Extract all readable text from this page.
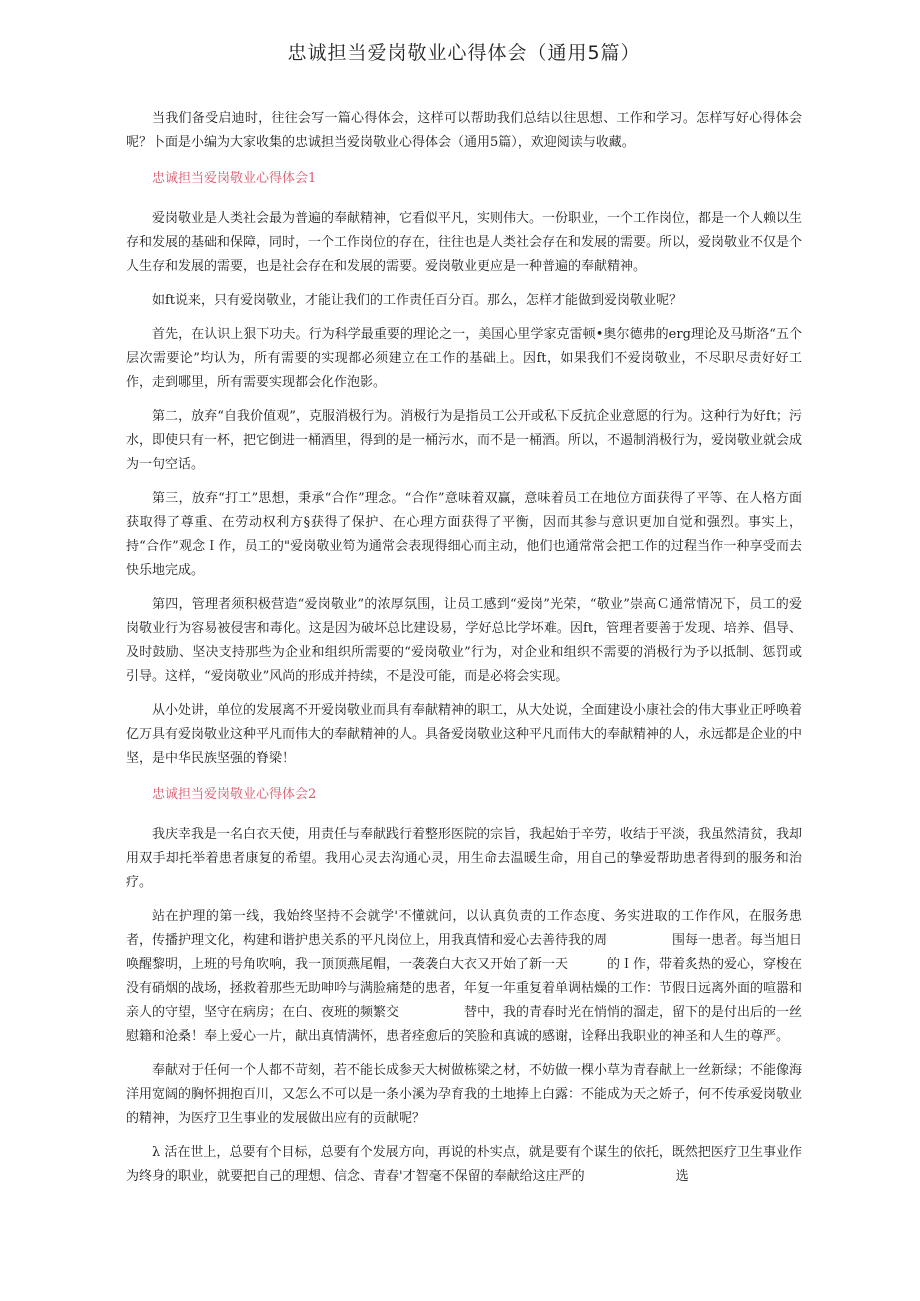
忠诚担当爱岗敬业心得体会（通用5篇）

当我们备受启迪时，往往会写一篇心得体会，这样可以帮助我们总结以往思想、工作和学习。怎样写好心得体会呢？卜面是小编为大家收集的忠诚担当爱岗敬业心得体会（通用5篇），欢迎阅读与收藏。

忠诚担当爱岗敬业心得体会1

爱岗敬业是人类社会最为普遍的奉献精神，它看似平凡，实则伟大。一份职业，一个工作岗位，都是一个人赖以生存和发展的基础和保障，同时，一个工作岗位的存在，往往也是人类社会存在和发展的需要。所以，爱岗敬业不仅是个人生存和发展的需要，也是社会存在和发展的需要。爱岗敬业更应是一种普遍的奉献精神。

如ft说来，只有爱岗敬业，才能让我们的工作责任百分百。那么，怎样才能做到爱岗敬业呢？

首先，在认识上狠下功夫。行为科学最重要的理论之一，美国心里学家克雷顿•奥尔德弗的erg理论及马斯洛“五个层次需要论”均认为，所有需要的实现都必须建立在工作的基础上。因ft，如果我们不爱岗敬业，不尽职尽责好好工作，走到哪里，所有需要实现都会化作泡影。

第二，放弃“自我价值观”，克服消极行为。消极行为是指员工公开或私下反抗企业意愿的行为。这种行为好ft；污水，即使只有一杯，把它倒进一桶酒里，得到的是一桶污水，而不是一桶酒。所以，不遏制消极行为，爱岗敬业就会成为一句空话。

第三，放弃“打工”思想，秉承“合作”理念。“合作”意味着双赢，意味着员工在地位方面获得了平等、在人格方面获取得了尊重、在劳动权利方§获得了保护、在心理方面获得了平衡，因而其参与意识更加自觉和强烈。事实上，持“合作”观念Ｉ作，员工的"爱岗敬业笱为通常会表现得细心而主动，他们也通常常会把工作的过程当作一种享受而去快乐地完成。

第四，管理者须积极营造“爱岗敬业”的浓厚氛围，让员工感到“爱岗”光荣，“敬业”崇高Ｃ通常情况下，员工的爱岗敬业行为容易被侵害和毒化。这是因为破坏总比建设易，学好总比学坏难。因ft，管理者要善于发现、培养、倡导、及时鼓励、坚决支持那些为企业和组织所需要的“爱岗敬业”行为，对企业和组织不需要的消极行为予以抵制、惩罚或引导。这样，“爱岗敬业”风尚的形成并持续，不是没可能，而是必将会实现。

从小处讲，单位的发展离不开爱岗敬业而具有奉献精神的职工，从大处说，全面建设小康社会的伟大事业正呼唤着亿万具有爱岗敬业这种平凡而伟大的奉献精神的人。具备爱岗敬业这种平凡而伟大的奉献精神的人，永远都是企业的中坚，是中华民族坚强的脊梁！

忠诚担当爱岗敬业心得体会2

我庆幸我是一名白衣天使，用责任与奉献践行着整形医院的宗旨，我起始于辛劳，收结于平淡，我虽然清贫，我却用双手却托举着患者康复的希望。我用心灵去沟通心灵，用生命去温暖生命，用自己的挚爱帮助患者得到的服务和治疗。

站在护理的第一线，我始终坚持不会就学'不懂就问，以认真负责的工作态度、务实进取的工作作风，在服务患者，传播护理文化，构建和谐护患关系的平凡岗位上，用我真情和爱心去善待我的周　　　　　围每一患者。每当旭日唤醒黎明，上班的号角吹响，我一顶顶燕尾帽，一袭袭白大衣又开始了新一天　　　的Ｉ作，带着炙热的爱心，穿梭在没有硝烟的战场，拯救着那些无助呻吟与满脸痛楚的患者，年复一年重复着单调枯燥的工作：节假日远离外面的喧嚣和亲人的守望，坚守在病房；在白、夜班的频繁交　　　　　替中，我的青春时光在悄悄的溜走，留下的是付出后的一丝慰籍和沧桑！奉上爱心一片，献出真情满怀，患者痊愈后的笑脸和真诚的感谢，诠释出我职业的神圣和人生的尊严。

奉献对于任何一个人都不苛刻，若不能长成参天大树做栋梁之材，不妨做一棵小草为青春献上一丝新绿；不能像海洋用宽阔的胸怀拥抱百川，又怎么不可以是一条小溪为孕育我的土地捧上白露：不能成为天之娇子，何不传承爱岗敬业的精神，为医疗卫生事业的发展做出应有的贡献呢？

λ 活在世上，总要有个目标，总要有个发展方向，再说的朴实点，就是要有个谋生的依托，既然把医疗卫生事业作为终身的职业，就要把自己的理想、信念、青春'才智毫不保留的奉献给这庄严的　　　　　　　选
